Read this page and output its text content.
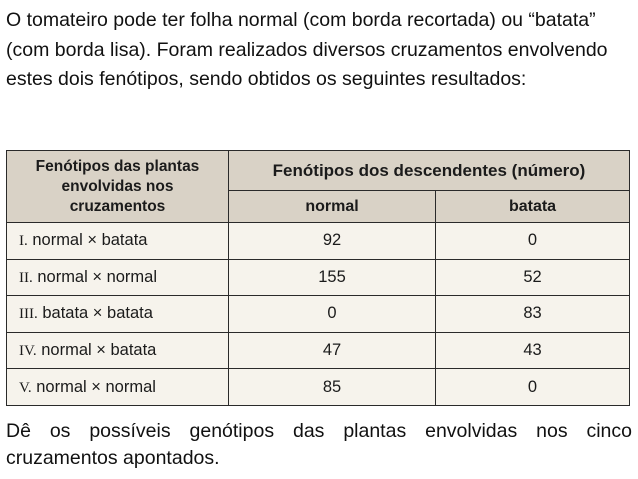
O tomateiro pode ter folha normal (com borda recortada) ou “batata” (com borda lisa). Foram realizados diversos cruzamentos envolvendo estes dois fenótipos, sendo obtidos os seguintes resultados:

Fenótipos das plantas envolvidas nos cruzamentos	Fenótipos dos descendentes (número)	
	normal	batata
I. normal × batata	92	0
II. normal × normal	155	52
III. batata × batata	0	83
IV. normal × batata	47	43
V. normal × normal	85	0

Dê os possíveis genótipos das plantas envolvidas nos cinco cruzamentos apontados.
